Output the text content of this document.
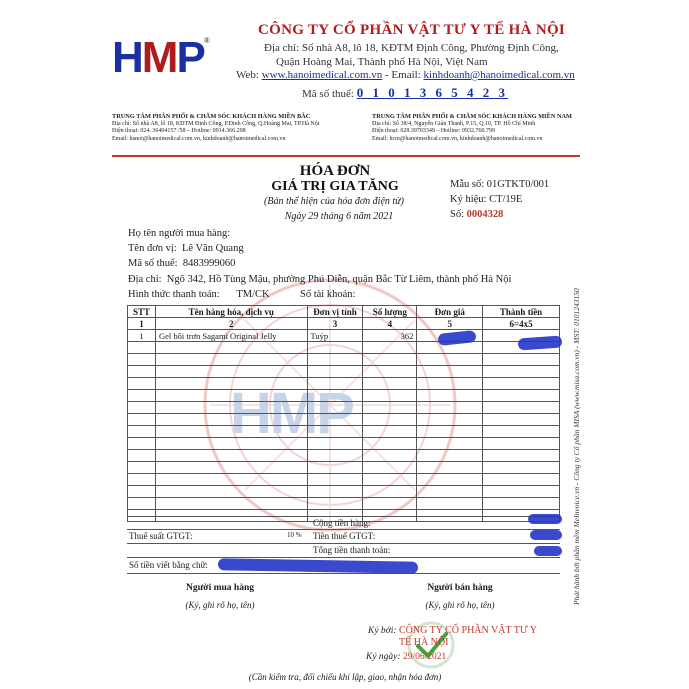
HMP
HMP®
CÔNG TY CỔ PHẦN VẬT TƯ Y TẾ HÀ NỘI
Địa chỉ: Số nhà A8, lô 18, KĐTM Định Công, Phường Định Công,
Quận Hoàng Mai, Thành phố Hà Nội, Việt Nam
Web: www.hanoimedical.com.vn - Email: kinhdoanh@hanoimedical.com.vn
Mã số thuế: 0 1 0 1 3 6 5 4 2 3
TRUNG TÂM PHÂN PHỐI & CHĂM SÓC KHÁCH HÀNG MIỀN BẮC
Địa chỉ: Số nhà A8, lô 18, KĐTM Định Công, P.Định Công, Q.Hoàng Mai, TP.Hà Nội
Điện thoại: 024. 36404157 /58 – Hotline: 0914.366.298
Email: hanoi@hanoimedical.com.vn, kinhdoanh@hanoimedical.com.vn
TRUNG TÂM PHÂN PHỐI & CHĂM SÓC KHÁCH HÀNG MIỀN NAM
Địa chỉ: Số 38/4, Nguyễn Giản Thanh, P.15, Q.10, TP. Hồ Chí Minh
Điện thoại: 028.39703349 – Hotline: 0932.760.799
Email: hcm@hanoimedical.com.vn, kinhdoanh@hanoimedical.com.vn
HÓA ĐƠN
GIÁ TRỊ GIA TĂNG
(Bản thể hiện của hóa đơn điện tử)
Ngày 29 tháng 6 năm 2021
Mẫu số: 01GTKT0/001
Ký hiệu: CT/19E
Số: 0004328
Họ tên người mua hàng:
Tên đơn vị: Lê Văn Quang
Mã số thuế: 8483999060
Địa chỉ: Ngõ 342, Hồ Tùng Mậu, phường Phú Diễn, quận Bắc Từ Liêm, thành phố Hà Nội
Hình thức thanh toán: TM/CK	Số tài khoản:
STT	Tên hàng hóa, dịch vụ	Đơn vị tính	Số lượng	Đơn giá	Thành tiền
1	2	3	4	5	6=4x5
1	Gel bôi trơn Sagami Original Jelly	Tuýp	362		

Cộng tiền hàng:
Thuế suất GTGT:	10 % Tiền thuế GTGT:
Tổng tiền thanh toán:
Số tiền viết bằng chữ:
Người mua hàng
(Ký, ghi rõ họ, tên)
Người bán hàng
(Ký, ghi rõ họ, tên)
Ký bởi: CÔNG TY CỔ PHẦN VẬT TƯ Y TẾ HÀ NỘI
Ký ngày: 29/06/2021
(Cần kiểm tra, đối chiếu khi lập, giao, nhận hóa đơn)
Phát hành bởi phần mềm MeInvoice.vn - Công ty Cổ phần MISA (www.misa.com.vn) - MST: 0101243150
